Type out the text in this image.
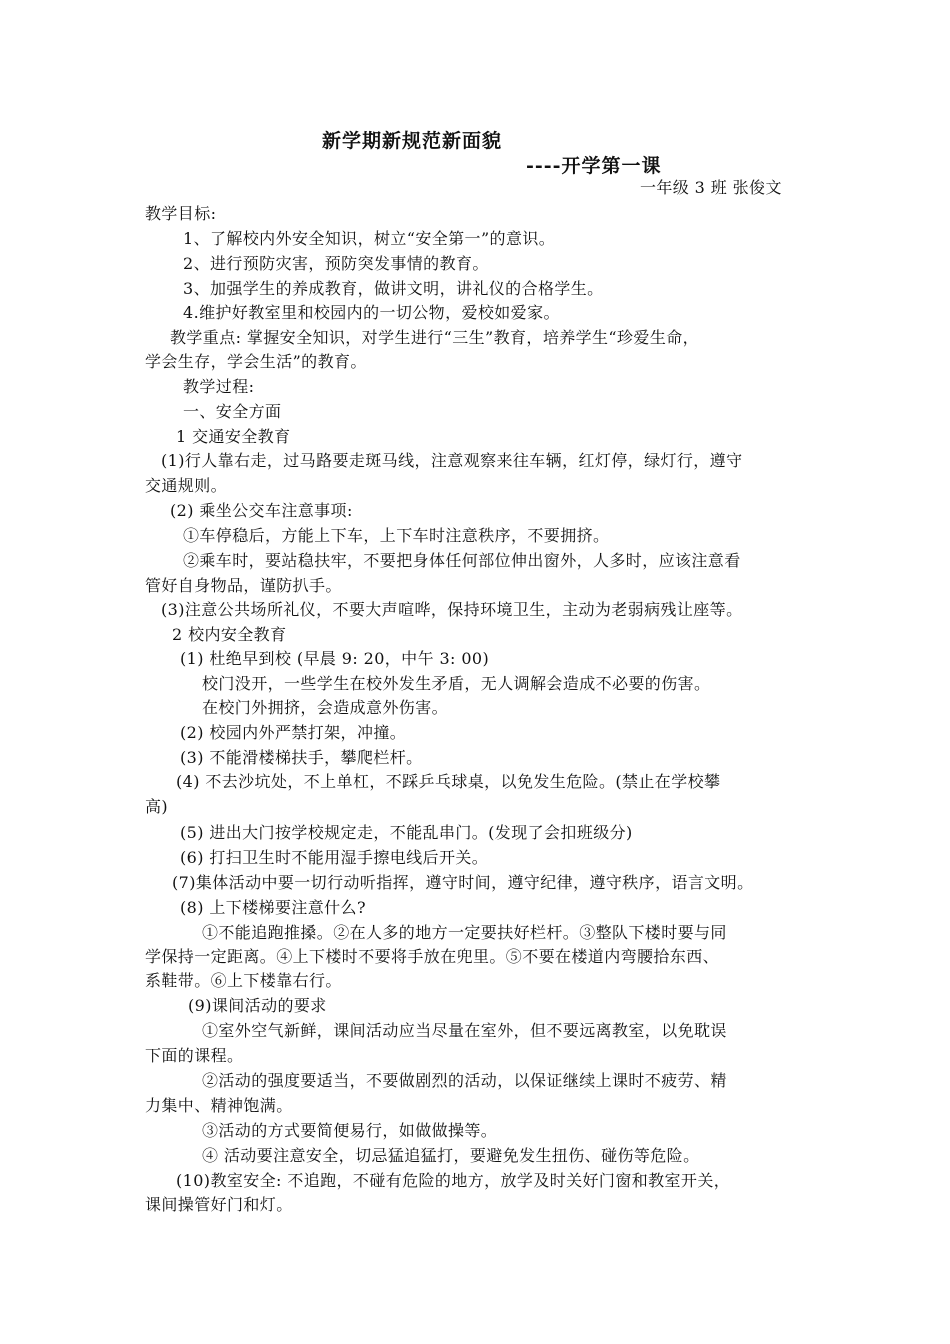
新学期新规范新面貌
----开学第一课
一年级 3 班 张俊文
教学目标:
1、了解校内外安全知识，树立“安全第一”的意识。
2、进行预防灾害，预防突发事情的教育。
3、加强学生的养成教育，做讲文明，讲礼仪的合格学生。
4.维护好教室里和校园内的一切公物，爱校如爱家。
教学重点: 掌握安全知识，对学生进行“三生”教育，培养学生“珍爱生命，
学会生存，学会生活”的教育。
教学过程:
一、安全方面
1 交通安全教育
(1)行人靠右走，过马路要走斑马线，注意观察来往车辆，红灯停，绿灯行，遵守
交通规则。
(2) 乘坐公交车注意事项:
①车停稳后，方能上下车，上下车时注意秩序，不要拥挤。
②乘车时，要站稳扶牢，不要把身体任何部位伸出窗外，人多时，应该注意看
管好自身物品，谨防扒手。
(3)注意公共场所礼仪，不要大声喧哗，保持环境卫生，主动为老弱病残让座等。
2 校内安全教育
(1) 杜绝早到校 (早晨 9: 20，中午 3: 00)
校门没开，一些学生在校外发生矛盾，无人调解会造成不必要的伤害。
在校门外拥挤，会造成意外伤害。
(2) 校园内外严禁打架，冲撞。
(3) 不能滑楼梯扶手，攀爬栏杆。
(4) 不去沙坑处，不上单杠，不踩乒乓球桌，以免发生危险。(禁止在学校攀
高)
(5) 进出大门按学校规定走，不能乱串门。(发现了会扣班级分)
(6) 打扫卫生时不能用湿手擦电线后开关。
(7)集体活动中要一切行动听指挥，遵守时间，遵守纪律，遵守秩序，语言文明。
(8) 上下楼梯要注意什么?
①不能追跑推搡。②在人多的地方一定要扶好栏杆。③整队下楼时要与同
学保持一定距离。④上下楼时不要将手放在兜里。⑤不要在楼道内弯腰拾东西、
系鞋带。⑥上下楼靠右行。
(9)课间活动的要求
①室外空气新鲜，课间活动应当尽量在室外，但不要远离教室，以免耽误
下面的课程。
②活动的强度要适当，不要做剧烈的活动，以保证继续上课时不疲劳、精
力集中、精神饱满。
③活动的方式要简便易行，如做做操等。
④ 活动要注意安全，切忌猛追猛打，要避免发生扭伤、碰伤等危险。
(10)教室安全: 不追跑，不碰有危险的地方，放学及时关好门窗和教室开关，
课间操管好门和灯。
